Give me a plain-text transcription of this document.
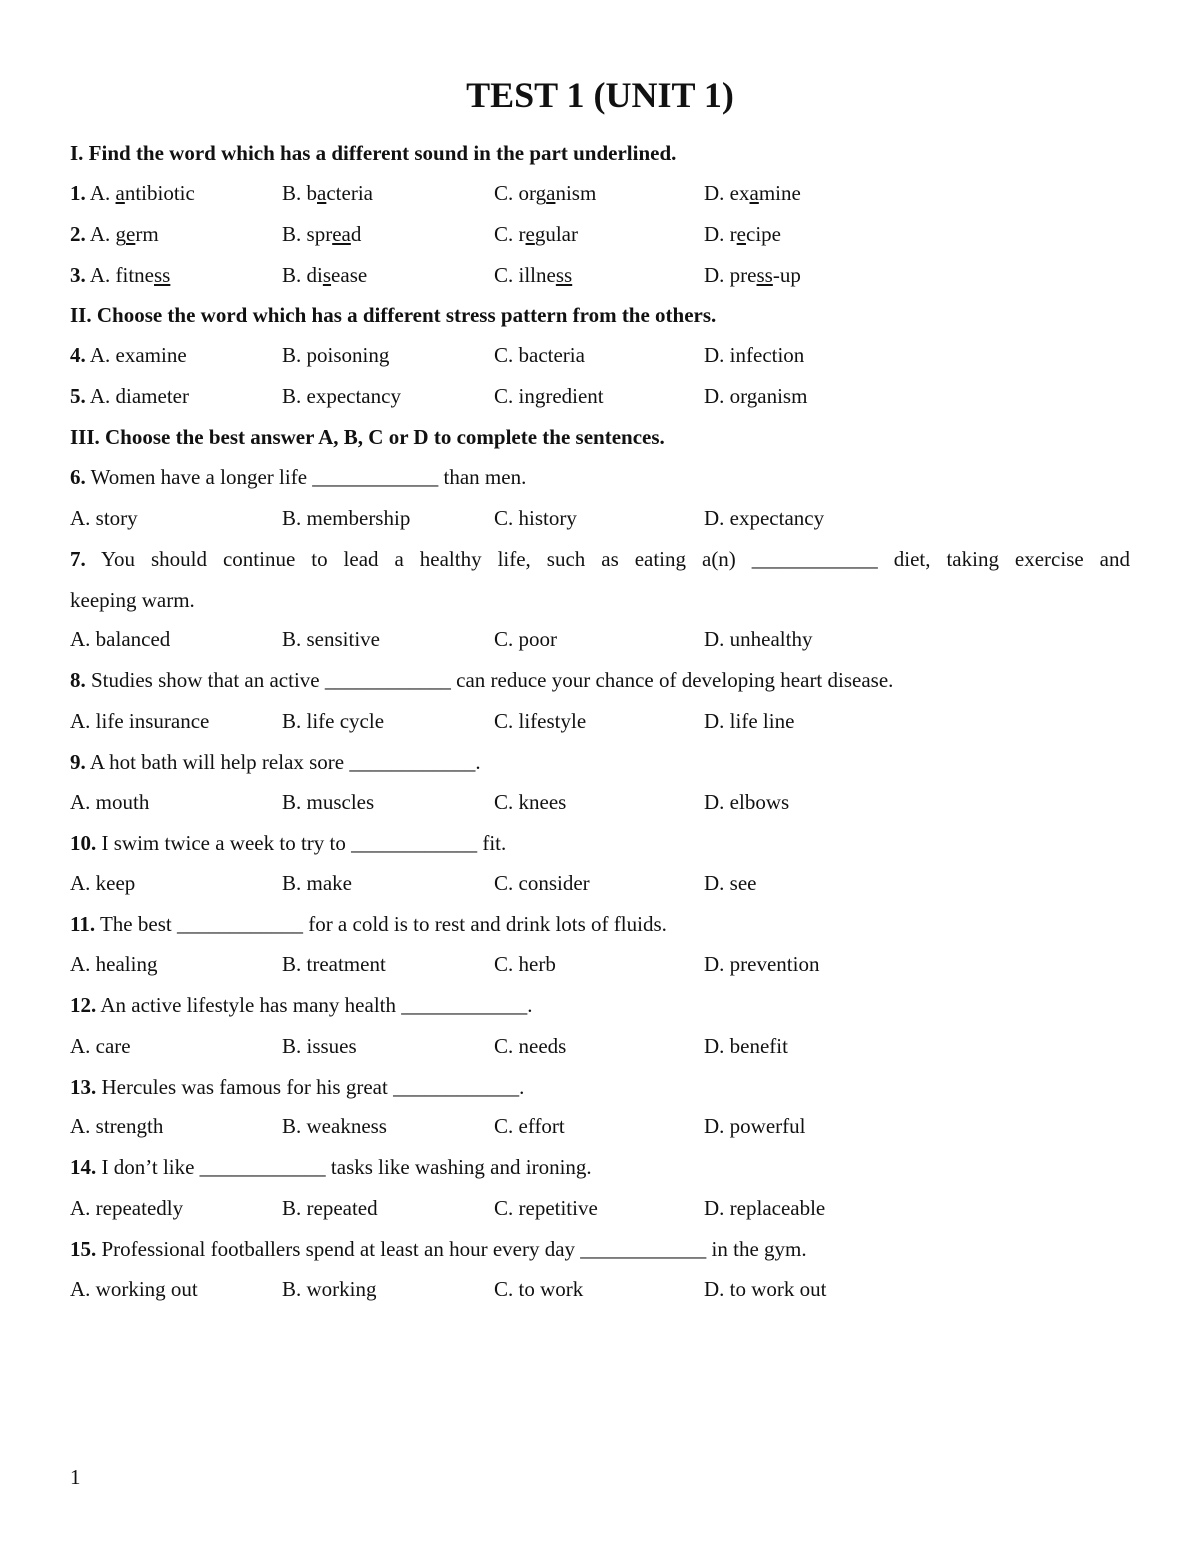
TEST 1 (UNIT 1)
I. Find the word which has a different sound in the part underlined.
1. A. antibiotic	B. bacteria	C. organism	D. examine
2. A. germ	B. spread	C. regular	D. recipe
3. A. fitness	B. disease	C. illness	D. press-up
II. Choose the word which has a different stress pattern from the others.
4. A. examine	B. poisoning	C. bacteria	D. infection
5. A. diameter	B. expectancy	C. ingredient	D. organism
III. Choose the best answer A, B, C or D to complete the sentences.
6. Women have a longer life ____________ than men.
A. story	B. membership	C. history	D. expectancy
7. You should continue to lead a healthy life, such as eating a(n) ____________ diet, taking exercise and
keeping warm.
A. balanced	B. sensitive	C. poor	D. unhealthy
8. Studies show that an active ____________ can reduce your chance of developing heart disease.
A. life insurance	B. life cycle	C. lifestyle	D. life line
9. A hot bath will help relax sore ____________.
A. mouth	B. muscles	C. knees	D. elbows
10. I swim twice a week to try to ____________ fit.
A. keep	B. make	C. consider	D. see
11. The best ____________ for a cold is to rest and drink lots of fluids.
A. healing	B. treatment	C. herb	D. prevention
12. An active lifestyle has many health ____________.
A. care	B. issues	C. needs	D. benefit
13. Hercules was famous for his great ____________.
A. strength	B. weakness	C. effort	D. powerful
14. I don’t like ____________ tasks like washing and ironing.
A. repeatedly	B. repeated	C. repetitive	D. replaceable
15. Professional footballers spend at least an hour every day ____________ in the gym.
A. working out	B. working	C. to work	D. to work out
1
